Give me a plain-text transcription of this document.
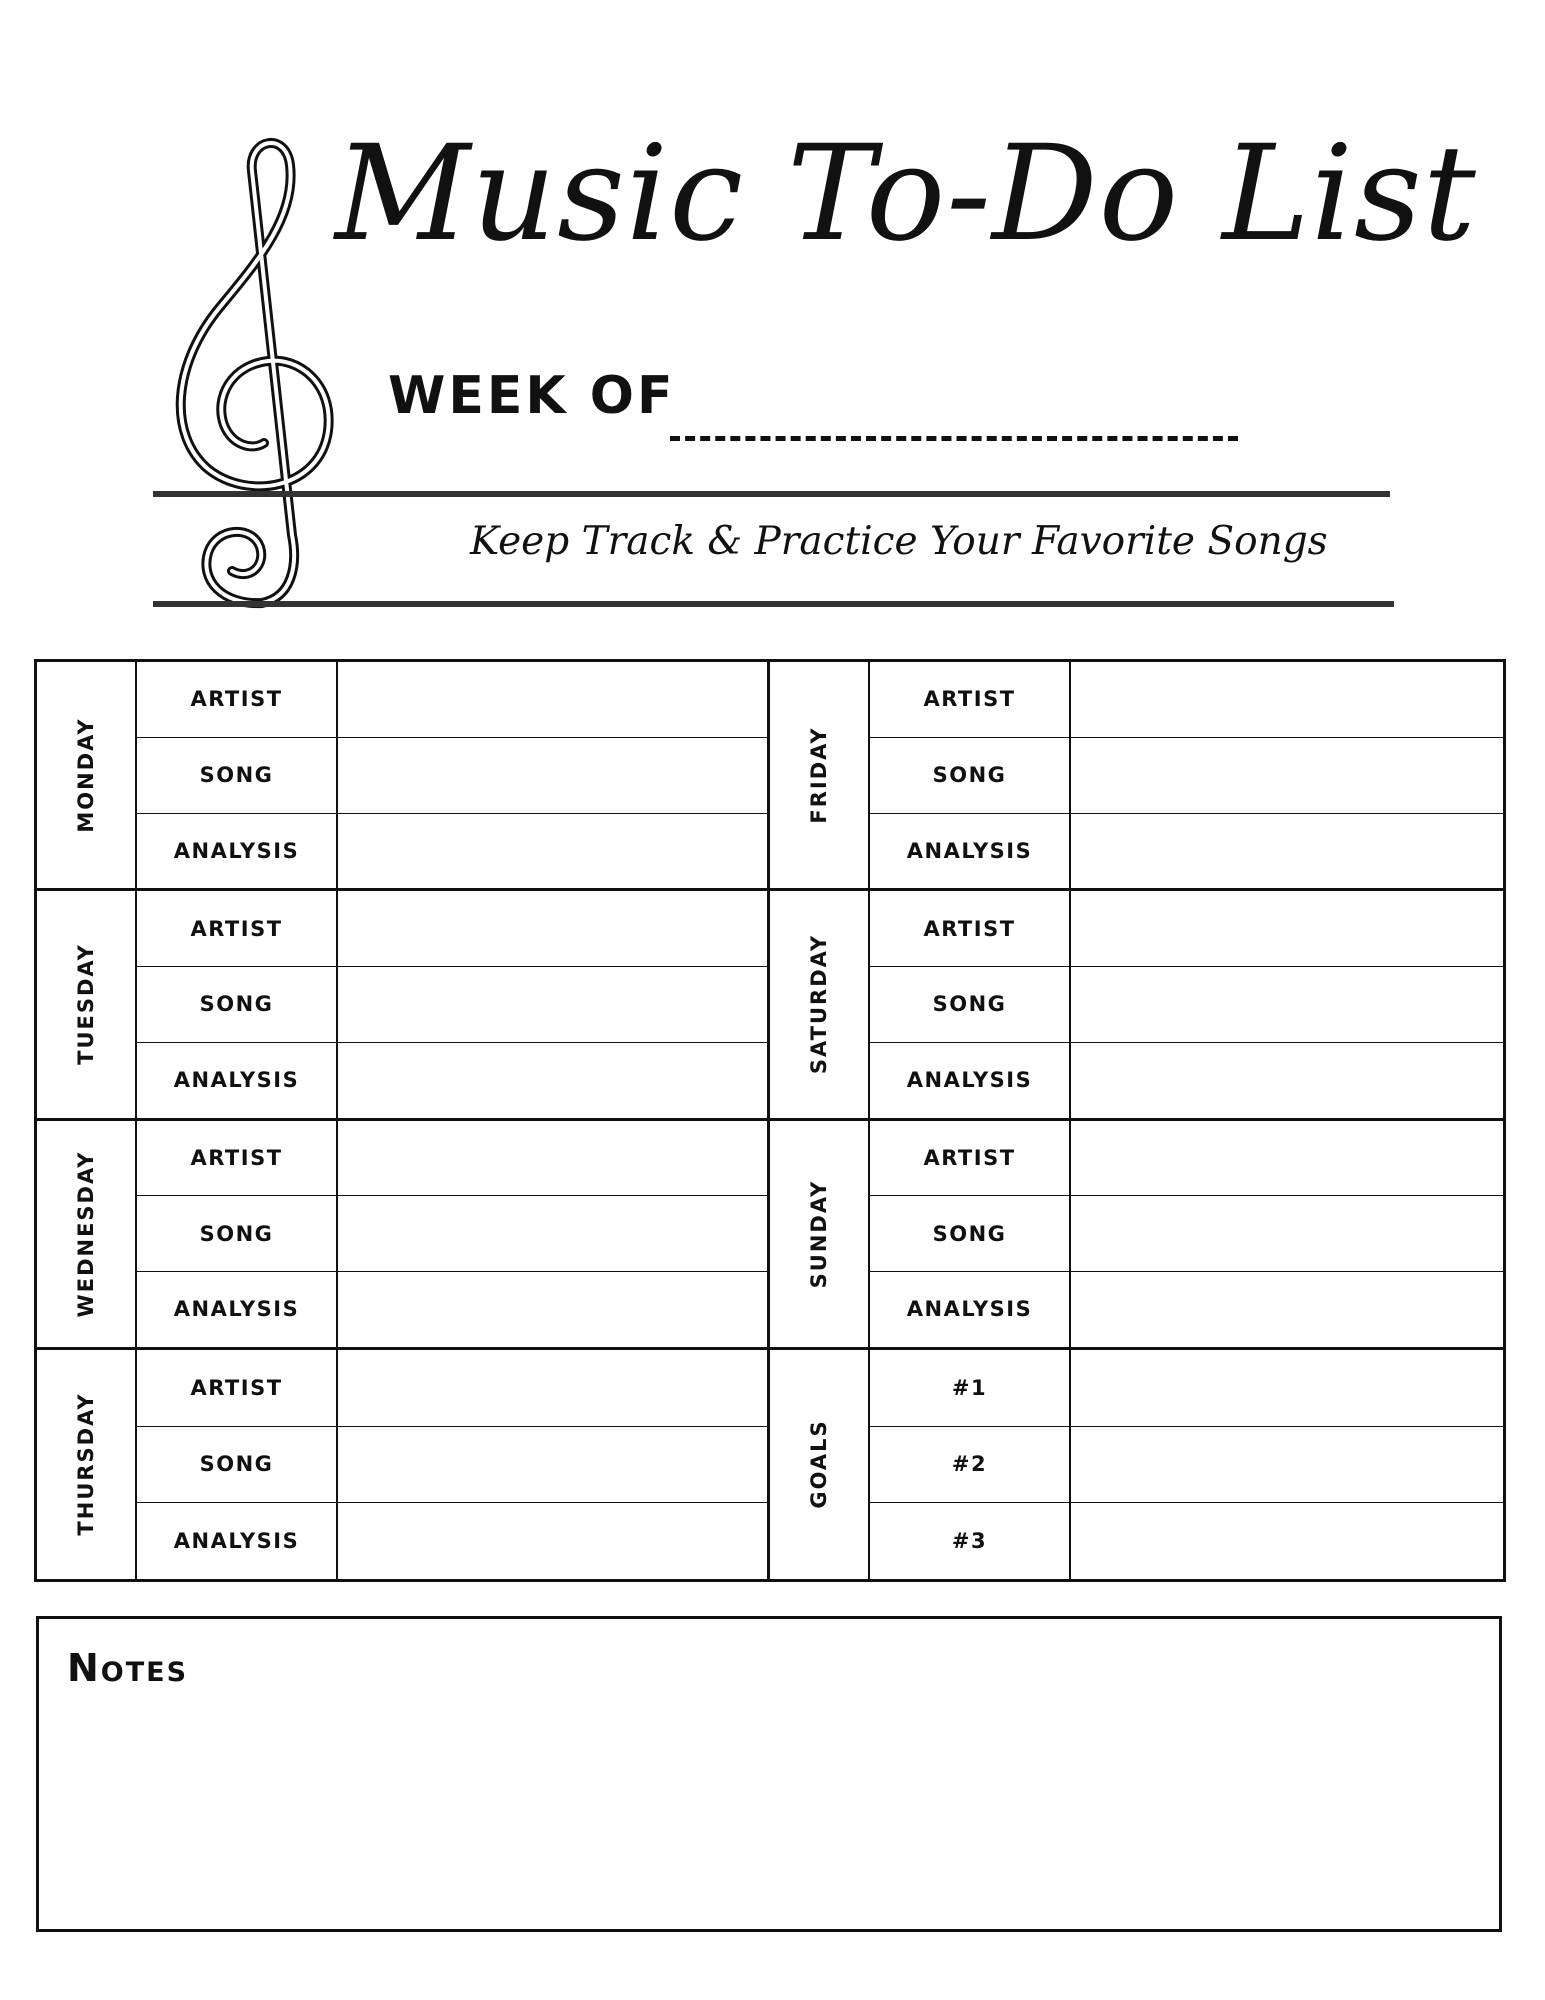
Music To-Do List
WEEK OF
Keep Track & Practice Your Favorite Songs
MONDAY
ARTIST
SONG
ANALYSIS
FRIDAY
ARTIST
SONG
ANALYSIS
TUESDAY
ARTIST
SONG
ANALYSIS
SATURDAY
ARTIST
SONG
ANALYSIS
WEDNESDAY	ARTIST
SONG
ANALYSIS
SUNDAY
ARTIST
SONG
ANALYSIS
THURSDAY
ARTIST
SONG
ANALYSIS
GOALS
#1
#2
#3
Notes
